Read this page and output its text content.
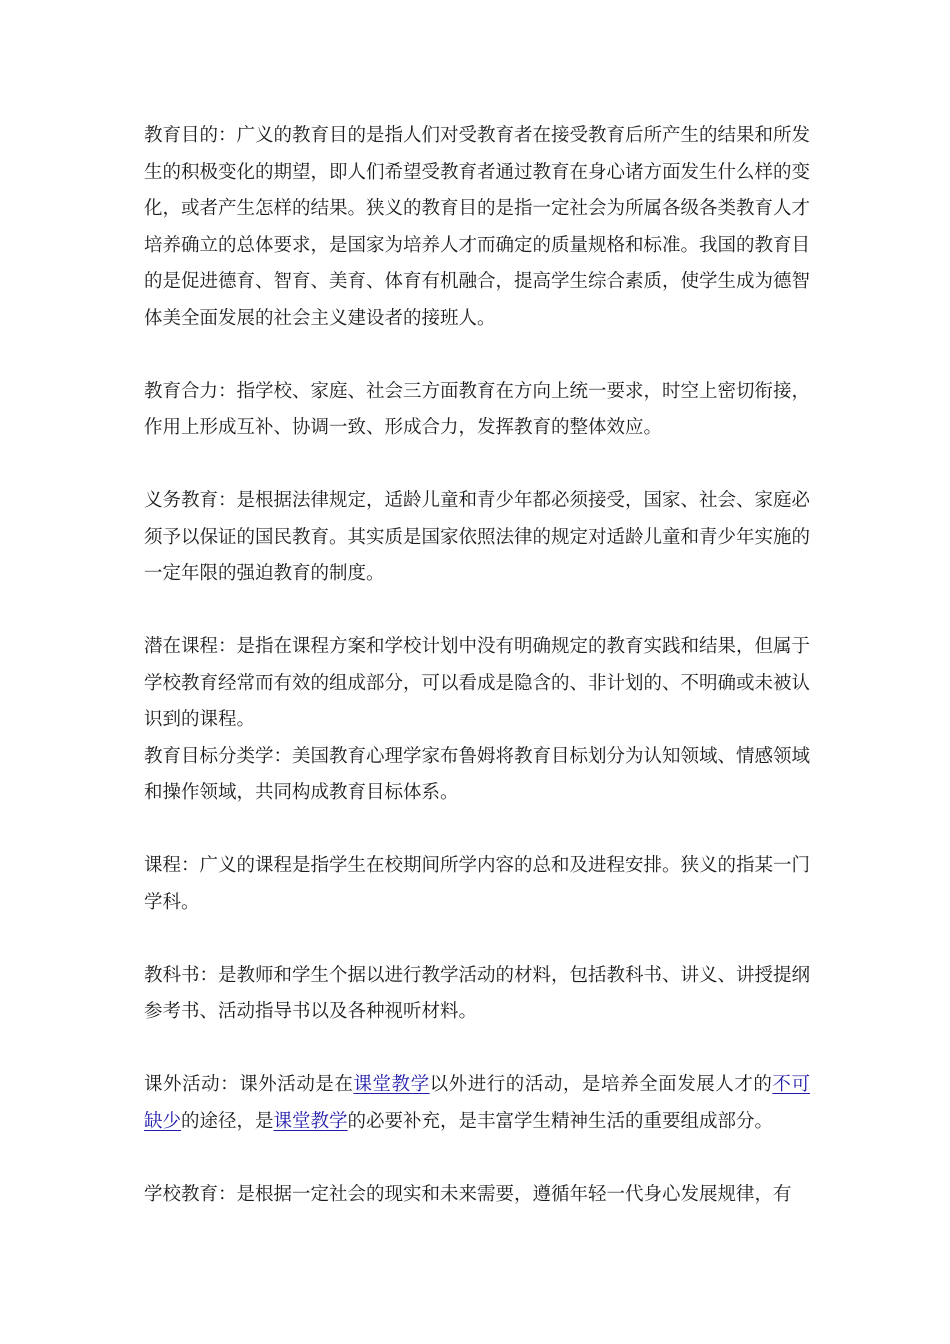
教育目的：广义的教育目的是指人们对受教育者在接受教育后所产生的结果和所发生的积极变化的期望，即人们希望受教育者通过教育在身心诸方面发生什么样的变化，或者产生怎样的结果。狭义的教育目的是指一定社会为所属各级各类教育人才培养确立的总体要求，是国家为培养人才而确定的质量规格和标准。我国的教育目的是促进德育、智育、美育、体育有机融合，提高学生综合素质，使学生成为德智体美全面发展的社会主义建设者的接班人。

教育合力：指学校、家庭、社会三方面教育在方向上统一要求，时空上密切衔接，作用上形成互补、协调一致、形成合力，发挥教育的整体效应。

义务教育：是根据法律规定，适龄儿童和青少年都必须接受，国家、社会、家庭必须予以保证的国民教育。其实质是国家依照法律的规定对适龄儿童和青少年实施的一定年限的强迫教育的制度。

潜在课程：是指在课程方案和学校计划中没有明确规定的教育实践和结果，但属于学校教育经常而有效的组成部分，可以看成是隐含的、非计划的、不明确或未被认识到的课程。

教育目标分类学：美国教育心理学家布鲁姆将教育目标划分为认知领域、情感领域和操作领域，共同构成教育目标体系。

课程：广义的课程是指学生在校期间所学内容的总和及进程安排。狭义的指某一门学科。

教科书：是教师和学生个据以进行教学活动的材料，包括教科书、讲义、讲授提纲参考书、活动指导书以及各种视听材料。

课外活动：课外活动是在课堂教学以外进行的活动，是培养全面发展人才的不可缺少的途径，是课堂教学的必要补充，是丰富学生精神生活的重要组成部分。

学校教育：是根据一定社会的现实和未来需要，遵循年轻一代身心发展规律，有
